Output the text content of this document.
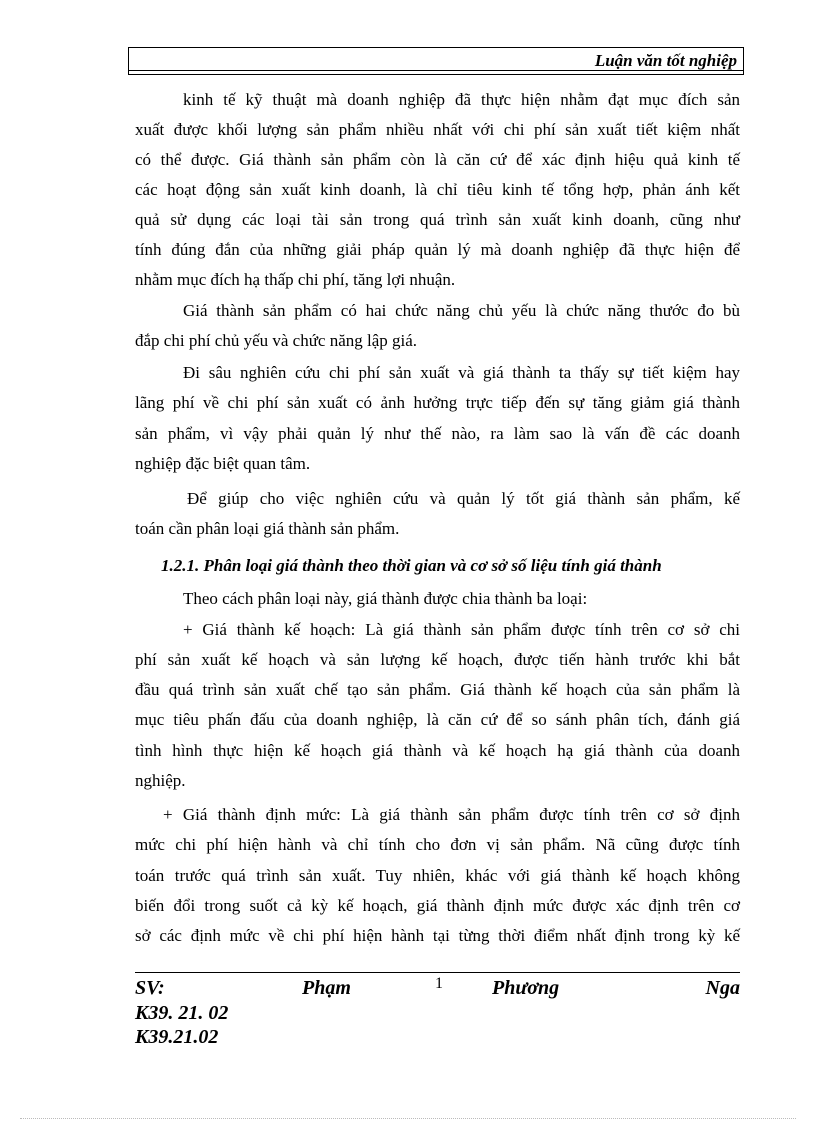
Luận văn tốt nghiệp
kinh tế kỹ thuật mà doanh nghiệp đã thực hiện nhằm đạt mục đích sản
xuất được khối lượng sản phẩm nhiều nhất với chi phí sản xuất tiết kiệm nhất
có thể được. Giá thành sản phẩm còn là căn cứ để xác định hiệu quả kinh tế
các hoạt động sản xuất kinh doanh, là chỉ tiêu kinh tế tổng hợp, phản ánh kết
quả sử dụng các loại tài sản trong quá trình sản xuất kinh doanh, cũng như
tính đúng đắn của những giải pháp quản lý mà doanh nghiệp đã thực hiện để
nhằm mục đích hạ thấp chi phí, tăng lợi nhuận.
Giá thành sản phẩm có hai chức năng chủ yếu là chức năng thước đo bù
đắp chi phí chủ yếu và chức năng lập giá.
Đi sâu nghiên cứu chi phí sản xuất và giá thành ta thấy sự tiết kiệm hay
lãng phí về chi phí sản xuất có ảnh hưởng trực tiếp đến sự tăng giảm giá thành
sản phẩm, vì vậy phải quản lý như thế nào, ra làm sao là vấn đề các doanh
nghiệp đặc biệt quan tâm.
Để giúp cho việc nghiên cứu và quản lý tốt giá thành sản phẩm, kế
toán cần phân loại giá thành sản phẩm.
1.2.1. Phân loại giá thành theo thời gian và cơ sở số liệu tính giá thành
Theo cách phân loại này, giá thành được chia thành ba loại:
+ Giá thành kế hoạch: Là giá thành sản phẩm được tính trên cơ sở chi
phí sản xuất kế hoạch và sản lượng kế hoạch, được tiến hành trước khi bắt
đầu quá trình sản xuất chế tạo sản phẩm. Giá thành kế hoạch của sản phẩm là
mục tiêu phấn đấu của doanh nghiệp, là căn cứ để so sánh phân tích, đánh giá
tình hình thực hiện kế hoạch giá thành và kế hoạch hạ giá thành của doanh
nghiệp.
+ Giá thành định mức: Là giá thành sản phẩm được tính trên cơ sở định
mức chi phí hiện hành và chỉ tính cho đơn vị sản phẩm. Nã cũng được tính
toán trước quá trình sản xuất. Tuy nhiên, khác với giá thành kế hoạch không
biến đổi trong suốt cả kỳ kế hoạch, giá thành định mức được xác định trên cơ
sở các định mức về chi phí hiện hành tại từng thời điểm nhất định trong kỳ kế
SV:	Phạm	1 Phương	Nga
K39. 21. 02
K39.21.02
